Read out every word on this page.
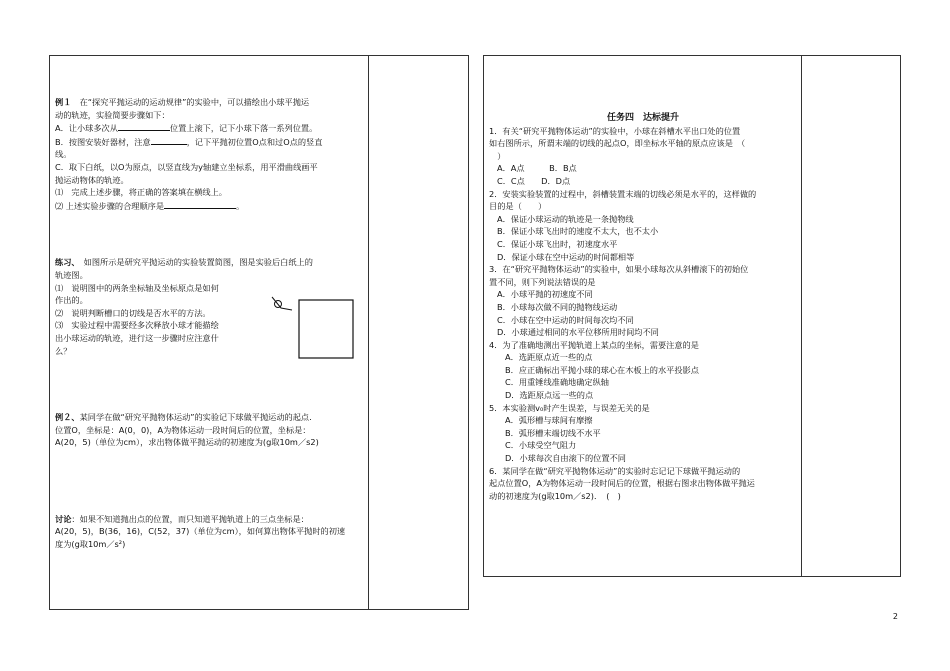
例１　在“探究平抛运动的运动规律”的实验中，可以描绘出小球平抛运

动的轨迹，实验简要步骤如下：

A．让小球多次从	位置上滚下，记下小球下落一系列位置。

B．按图安装好器材，注意	，记下平抛初位置O点和过O点的竖直

线。

C．取下白纸，以O为原点，以竖直线为y轴建立坐标系，用平滑曲线画平

抛运动物体的轨迹。

⑴　完成上述步骤，将正确的答案填在横线上。

⑵ 上述实验步骤的合理顺序是	。

练习、　如图所示是研究平抛运动的实验装置简图，图是实验后白纸上的

轨迹图。

⑴　说明图中的两条坐标轴及坐标原点是如何

作出的。

⑵　说明判断槽口的切线是否水平的方法。

⑶　实验过程中需要经多次释放小球才能描绘

出小球运动的轨迹，进行这一步骤时应注意什

么？

例２、某同学在做“研究平抛物体运动”的实验记下球做平抛运动的起点.

位置O，坐标是：A(0，0)，A为物体运动一段时间后的位置，坐标是：

A(20，5)（单位为cm），求出物体做平抛运动的初速度为(g取10m／s2)

讨论：如果不知道抛出点的位置，而只知道平抛轨道上的三点坐标是：

A(20，5)，B(36，16)，C(52，37)（单位为cm），如何算出物体平抛时的初速

度为(g取10m／s²)

任务四　达标提升

1．有关“研究平抛物体运动”的实验中，小球在斜槽水平出口处的位置

如右图所示，所谓末端的切线的起点O，即坐标水平轴的原点应该是　（

　）

A．A点　　　B．B点

C．C点　　D．D点

2．安装实验装置的过程中，斜槽装置末端的切线必须是水平的，这样做的

目的是（　　）

A．保证小球运动的轨迹是一条抛物线

B．保证小球飞出时的速度不太大，也不太小

C．保证小球飞出时，初速度水平

D．保证小球在空中运动的时间都相等

3．在“研究平抛物体运动”的实验中，如果小球每次从斜槽滚下的初始位

置不同，则下列说法错误的是

A．小球平抛的初速度不同

B．小球每次做不同的抛物线运动

C．小球在空中运动的时间每次均不同

D．小球通过相同的水平位移所用时间均不同

4．为了准确地测出平抛轨道上某点的坐标，需要注意的是

A．选距原点近一些的点

B．应正确标出平抛小球的球心在木板上的水平投影点

C．用重锤线准确地确定纵轴

D．选距原点远一些的点

5．本实验测v₀时产生误差，与误差无关的是

A．弧形槽与球间有摩擦

B．弧形槽末端切线不水平

C．小球受空气阻力

D．小球每次自由滚下的位置不同

6．某同学在做“研究平抛物体运动”的实验时忘记记下球做平抛运动的

起点位置O，A为物体运动一段时间后的位置，根据右图求出物体做平抛运

动的初速度为(g取10m／s2)．　(　)

2
